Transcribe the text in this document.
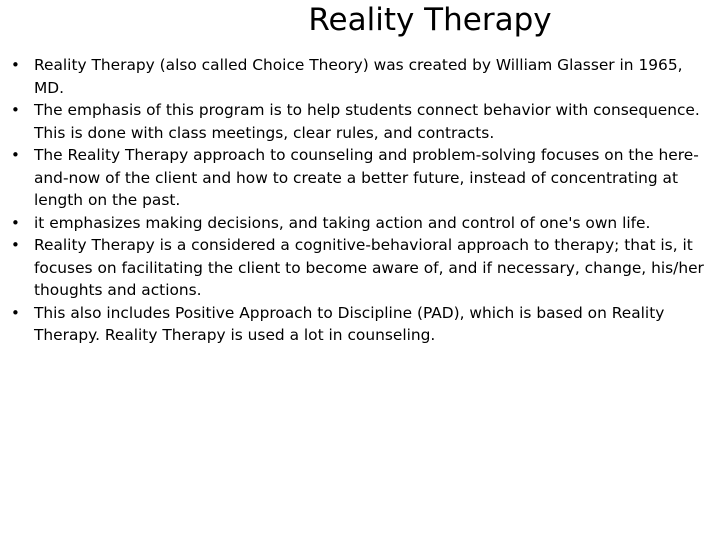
Reality Therapy
• Reality Therapy (also called Choice Theory) was created by William Glasser in 1965, MD.
• The emphasis of this program is to help students connect behavior with consequence. This is done with class meetings, clear rules, and contracts.
• The Reality Therapy approach to counseling and problem-solving focuses on the here-and-now of the client and how to create a better future, instead of concentrating at length on the past.
• it emphasizes making decisions, and taking action and control of one's own life.
• Reality Therapy is a considered a cognitive-behavioral approach to therapy; that is, it focuses on facilitating the client to become aware of, and if necessary, change, his/her thoughts and actions.
• This also includes Positive Approach to Discipline (PAD), which is based on Reality Therapy. Reality Therapy is used a lot in counseling.
